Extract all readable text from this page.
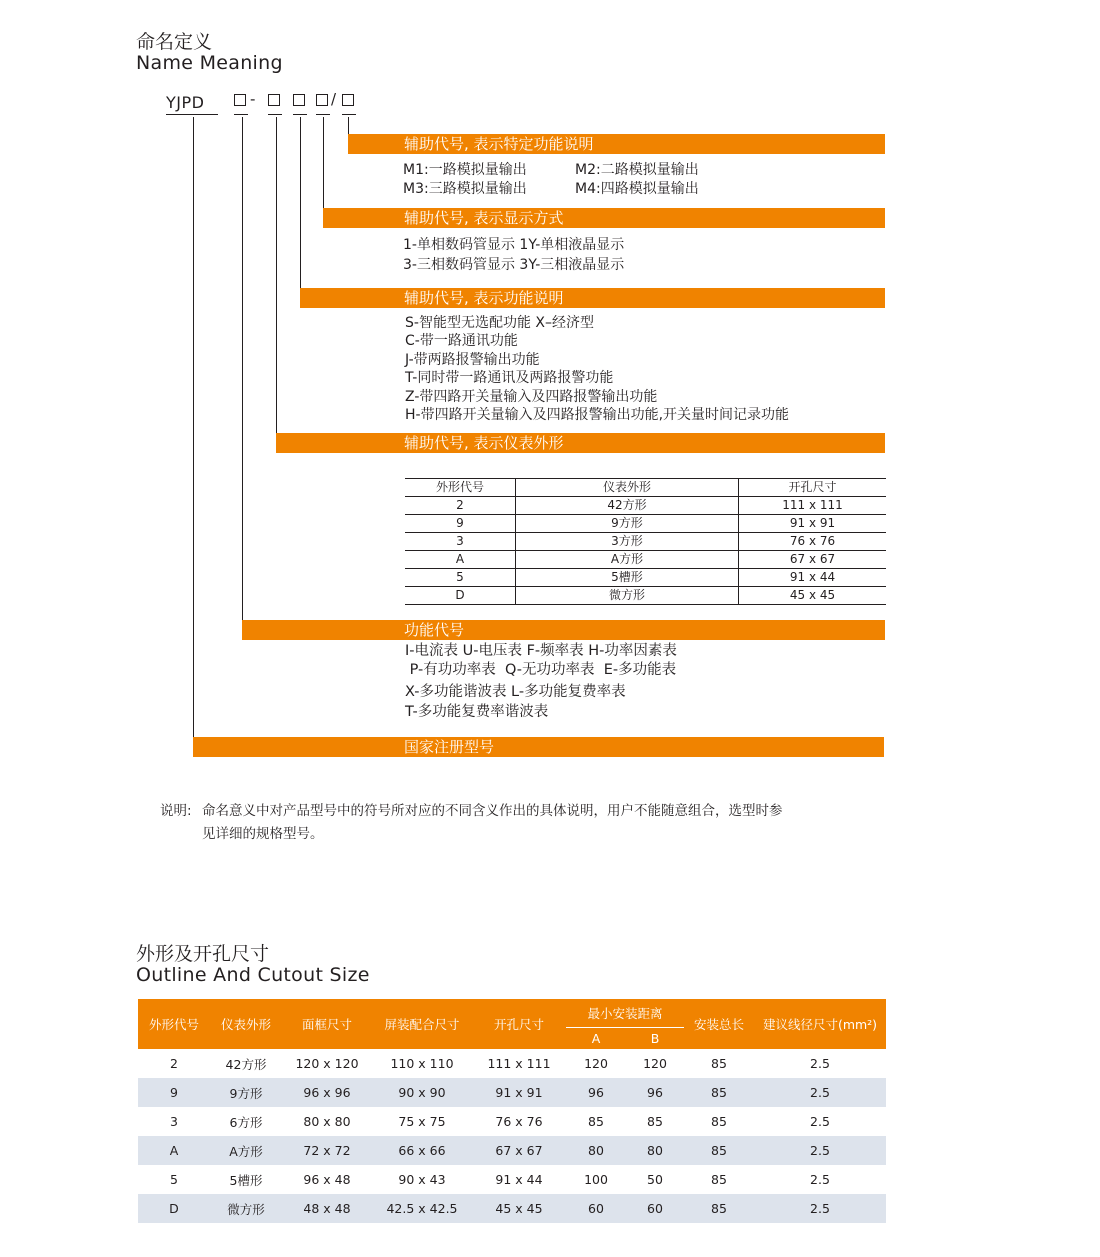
命名定义
Name Meaning
YJPD	-	/
辅助代号, 表示特定功能说明
M1:一路模拟量输出	M2:二路模拟量输出
M3:三路模拟量输出	M4:四路模拟量输出
辅助代号, 表示显示方式
1-单相数码管显示 1Y-单相液晶显示
3-三相数码管显示 3Y-三相液晶显示
辅助代号, 表示功能说明
S-智能型无选配功能 X–经济型
C-带一路通讯功能
J-带两路报警输出功能
T-同时带一路通讯及两路报警功能
Z-带四路开关量输入及四路报警输出功能
H-带四路开关量输入及四路报警输出功能,开关量时间记录功能
辅助代号, 表示仪表外形
外形代号	仪表外形	开孔尺寸
2	42方形	111 x 111
9	9方形	91 x 91
3	3方形	76 x 76
A	A方形	67 x 67
5	5槽形	91 x 44
D	微方形	45 x 45
功能代号
I-电流表 U-电压表 F-频率表 H-功率因素表
P-有功功率表  Q-无功功率表  E-多功能表
X-多功能谐波表 L-多功能复费率表
T-多功能复费率谐波表
国家注册型号
说明: 命名意义中对产品型号中的符号所对应的不同含义作出的具体说明，用户不能随意组合，选型时参
见详细的规格型号。
外形及开孔尺寸
Outline And Cutout Size
外形代号	仪表外形	面框尺寸	屏装配合尺寸	开孔尺寸	最小安装距离		安装总长	建议线径尺寸(mm²)
					A	B		
2	42方形	120 x 120	110 x 110	111 x 111	120	120	85	2.5
9	9方形	96 x 96	90 x 90	91 x 91	96	96	85	2.5
3	6方形	80 x 80	75 x 75	76 x 76	85	85	85	2.5
A	A方形	72 x 72	66 x 66	67 x 67	80	80	85	2.5
5	5槽形	96 x 48	90 x 43	91 x 44	100	50	85	2.5
D	微方形	48 x 48	42.5 x 42.5	45 x 45	60	60	85	2.5
